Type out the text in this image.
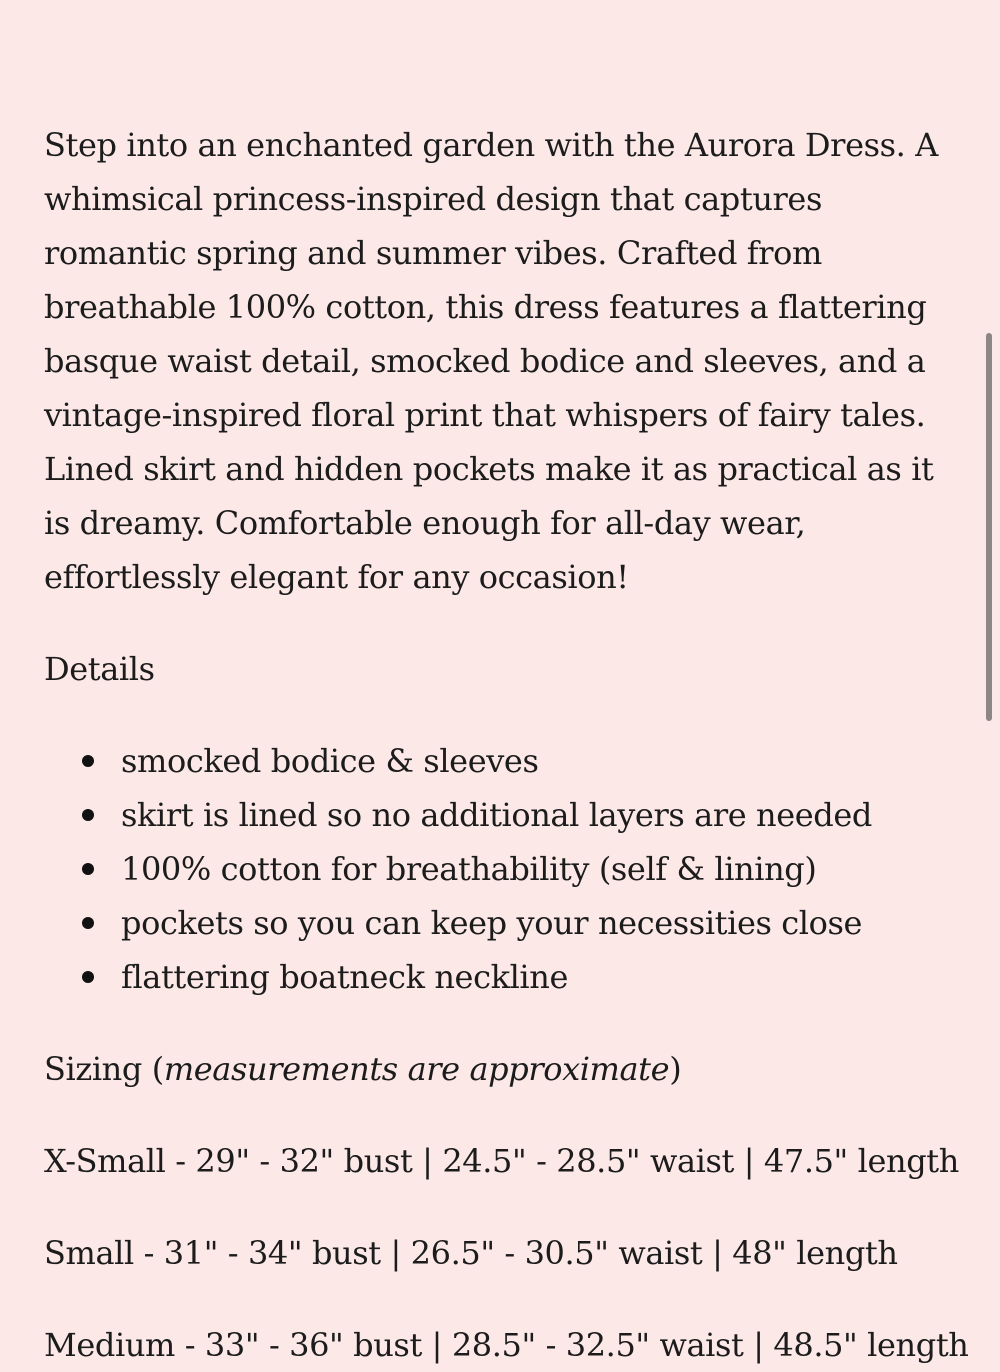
Step into an enchanted garden with the Aurora Dress. A whimsical princess-inspired design that captures romantic spring and summer vibes. Crafted from breathable 100% cotton, this dress features a flattering basque waist detail, smocked bodice and sleeves, and a vintage-inspired floral print that whispers of fairy tales. Lined skirt and hidden pockets make it as practical as it is dreamy. Comfortable enough for all-day wear, effortlessly elegant for any occasion!

Details

smocked bodice & sleeves
skirt is lined so no additional layers are needed
100% cotton for breathability (self & lining)
pockets so you can keep your necessities close
flattering boatneck neckline

Sizing (measurements are approximate)

X-Small - 29" - 32" bust | 24.5" - 28.5" waist | 47.5" length

Small - 31" - 34" bust | 26.5" - 30.5" waist | 48" length

Medium - 33" - 36" bust | 28.5" - 32.5" waist | 48.5" length
